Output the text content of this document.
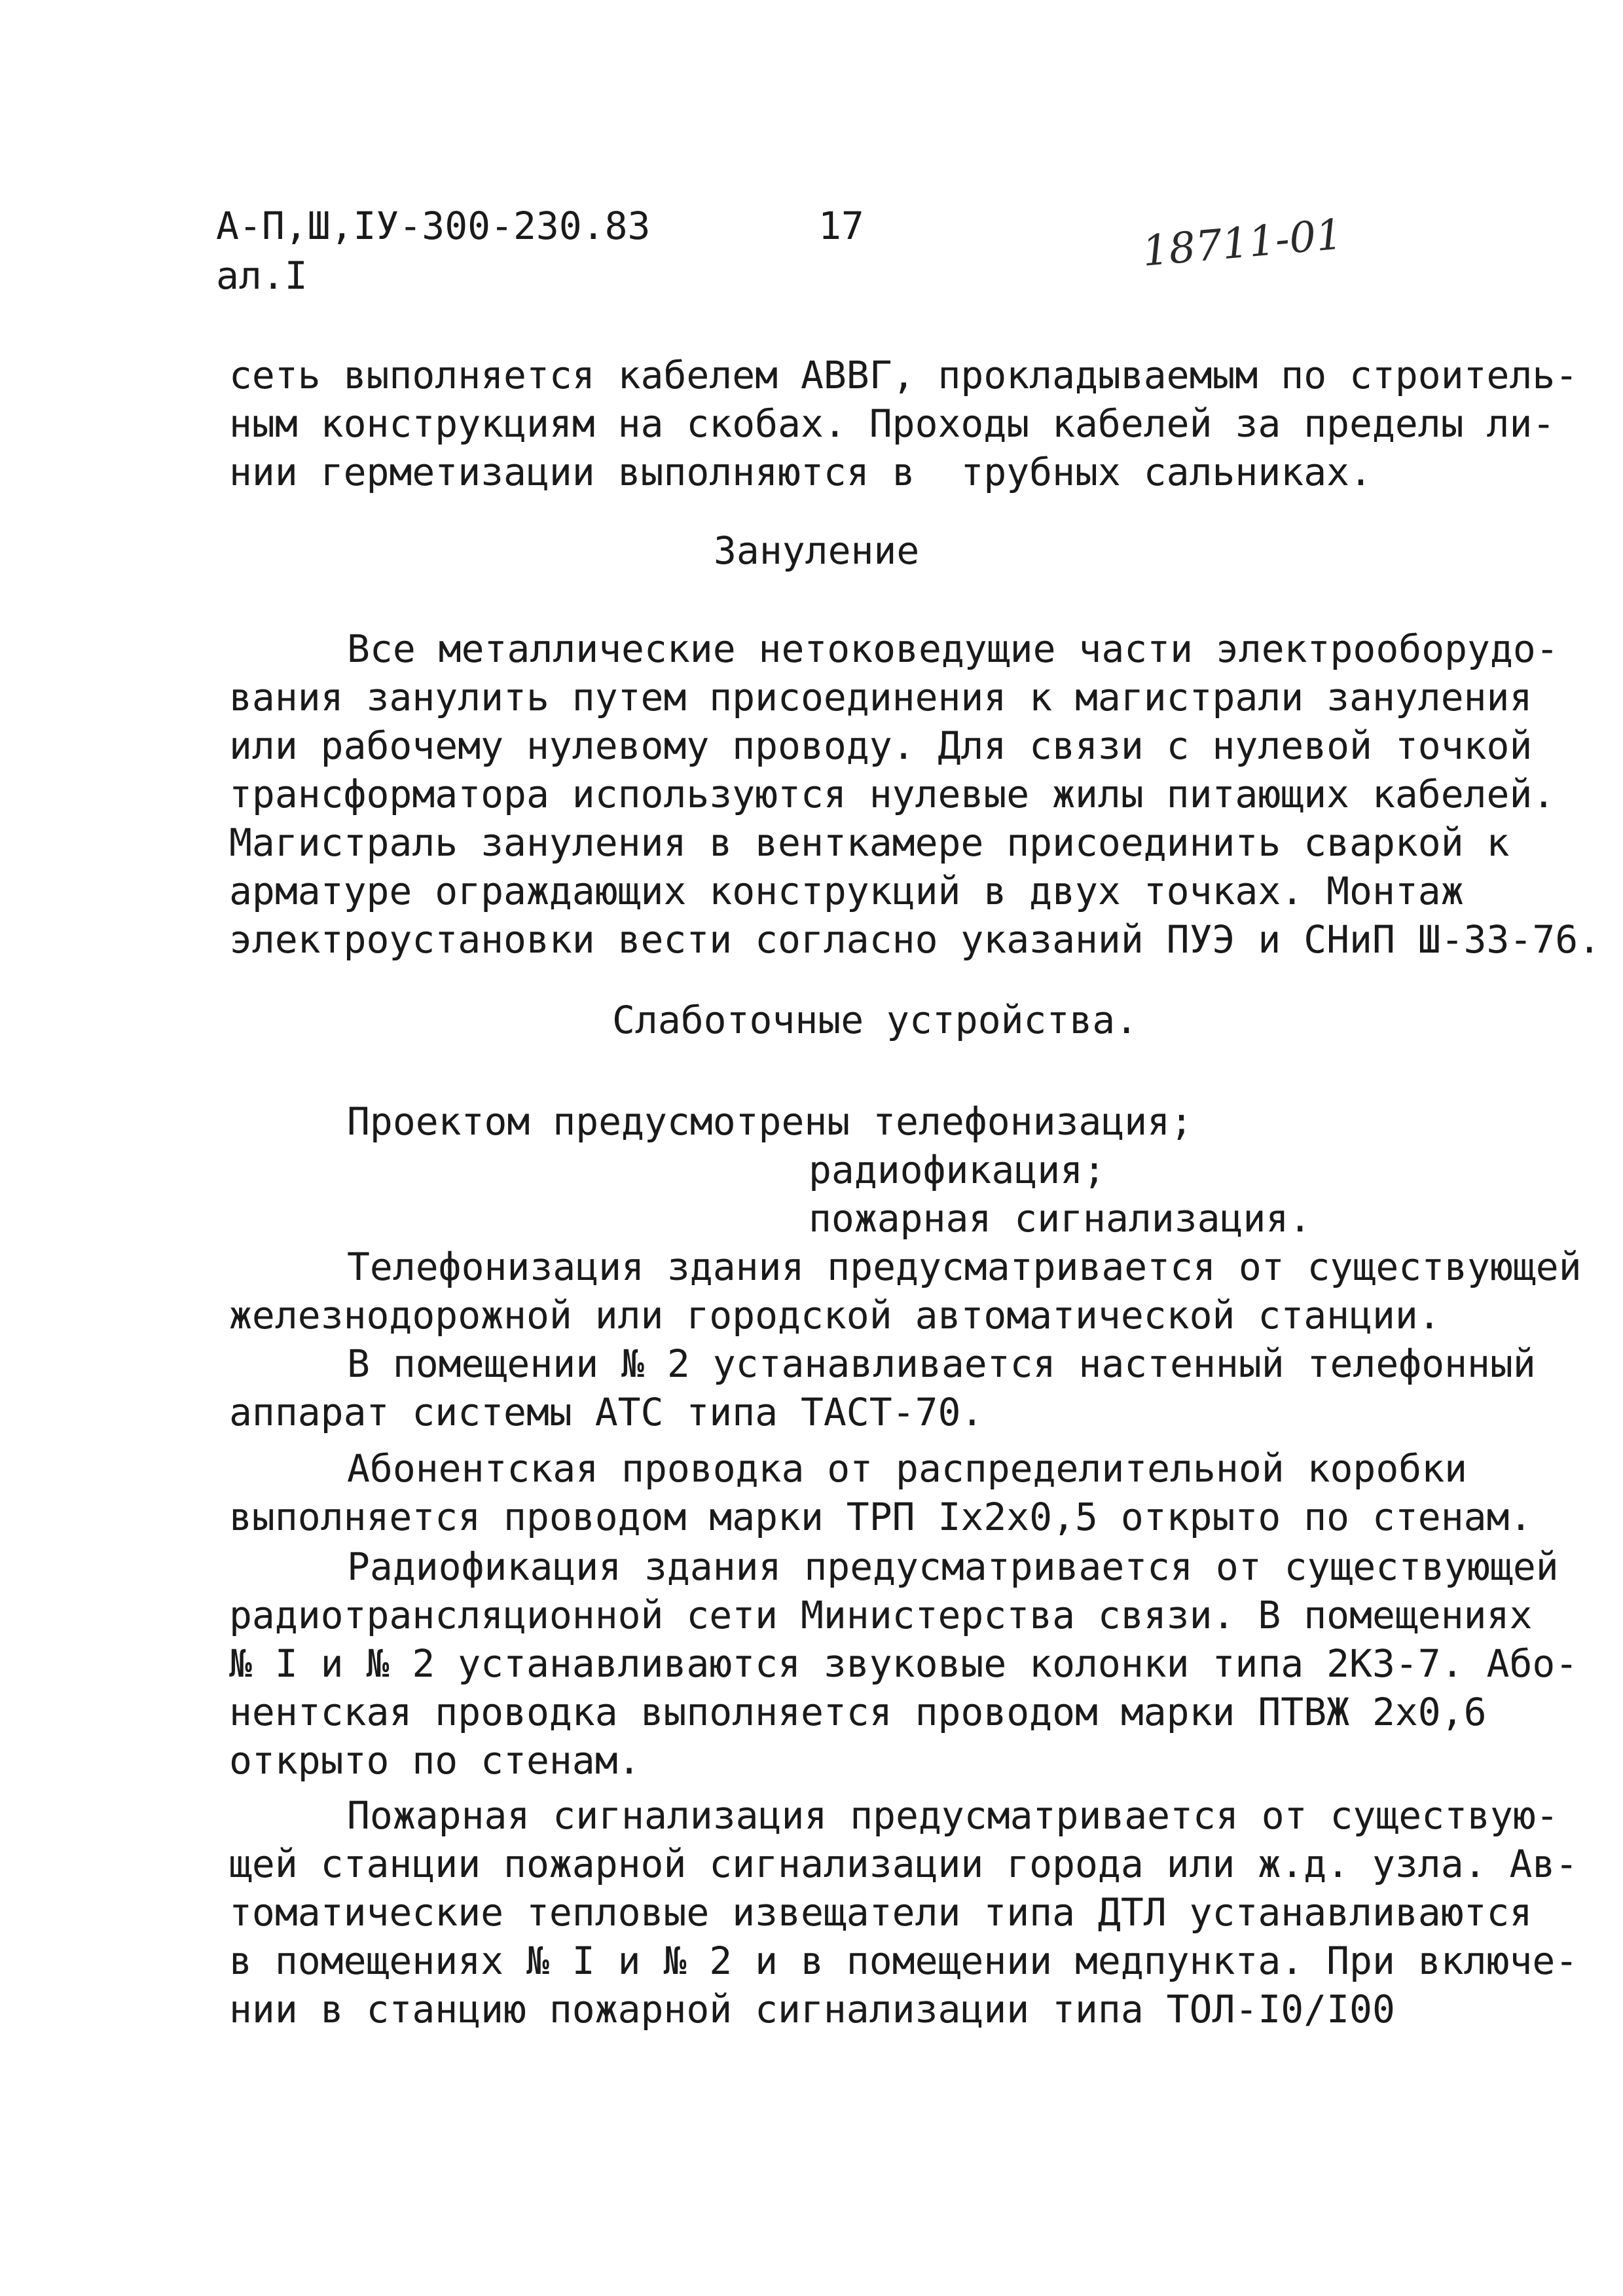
А-П,Ш,IУ-300-230.83
ал.I
17	18711-01
сеть выполняется кабелем АВВГ, прокладываемым по строитель-
ным конструкциям на скобах. Проходы кабелей за пределы ли-
нии герметизации выполняются в  трубных сальниках.
Зануление
Все металлические нетоковедущие части электрооборудо-
вания занулить путем присоединения к магистрали зануления
или рабочему нулевому проводу. Для связи с нулевой точкой
трансформатора используются нулевые жилы питающих кабелей.
Магистраль зануления в венткамере присоединить сваркой к
арматуре ограждающих конструкций в двух точках. Монтаж
электроустановки вести согласно указаний ПУЭ и СНиП Ш-33-76.
Слаботочные устройства.
Проектом предусмотрены телефонизация;
радиофикация;
пожарная сигнализация.
Телефонизация здания предусматривается от существующей
железнодорожной или городской автоматической станции.
В помещении № 2 устанавливается настенный телефонный
аппарат системы АТС типа ТАСТ-70.
Абонентская проводка от распределительной коробки
выполняется проводом марки ТРП Iх2х0,5 открыто по стенам.
Радиофикация здания предусматривается от существующей
радиотрансляционной сети Министерства связи. В помещениях
№ I и № 2 устанавливаются звуковые колонки типа 2КЗ-7. Або-
нентская проводка выполняется проводом марки ПТВЖ 2х0,6
открыто по стенам.
Пожарная сигнализация предусматривается от существую-
щей станции пожарной сигнализации города или ж.д. узла. Ав-
томатические тепловые извещатели типа ДТЛ устанавливаются
в помещениях № I и № 2 и в помещении медпункта. При включе-
нии в станцию пожарной сигнализации типа ТОЛ-I0/I00
